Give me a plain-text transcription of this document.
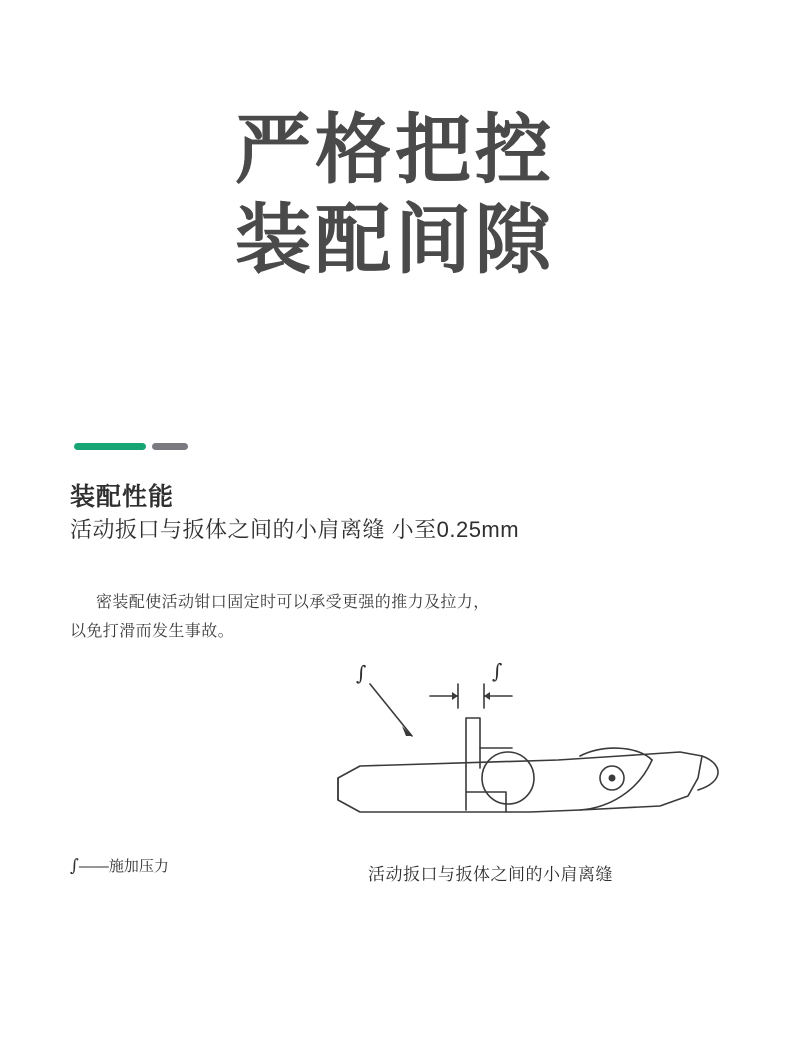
严格把控
装配间隙
装配性能
活动扳口与扳体之间的小肩离缝 小至0.25mm
密装配使活动钳口固定时可以承受更强的推力及拉力，
以免打滑而发生事故。
∫	∫
∫——施加压力	活动扳口与扳体之间的小肩离缝
